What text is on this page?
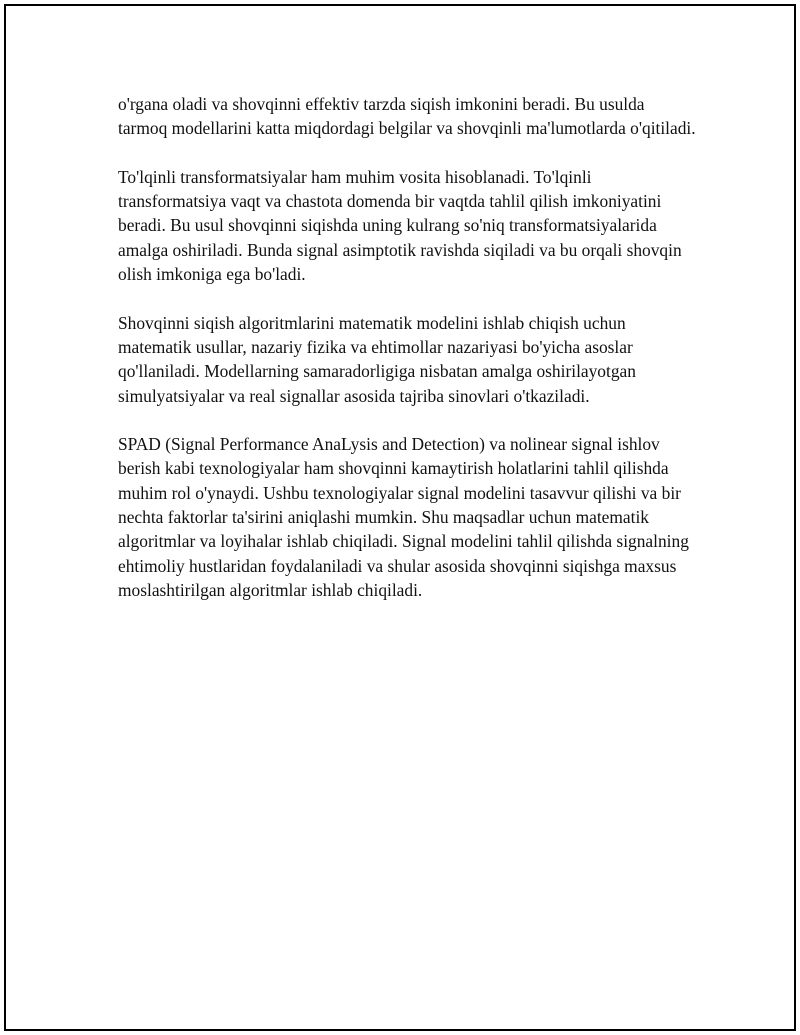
o'rgana oladi va shovqinni effektiv tarzda siqish imkonini beradi. Bu usulda tarmoq modellarini katta miqdordagi belgilar va shovqinli ma'lumotlarda o'qitiladi.

To'lqinli transformatsiyalar ham muhim vosita hisoblanadi. To'lqinli transformatsiya vaqt va chastota domenda bir vaqtda tahlil qilish imkoniyatini beradi. Bu usul shovqinni siqishda uning kulrang so'niq transformatsiyalarida amalga oshiriladi. Bunda signal asimptotik ravishda siqiladi va bu orqali shovqin olish imkoniga ega bo'ladi.

Shovqinni siqish algoritmlarini matematik modelini ishlab chiqish uchun matematik usullar, nazariy fizika va ehtimollar nazariyasi bo'yicha asoslar qo'llaniladi. Modellarning samaradorligiga nisbatan amalga oshirilayotgan simulyatsiyalar va real signallar asosida tajriba sinovlari o'tkaziladi.

SPAD (Signal Performance AnaLysis and Detection) va nolinear signal ishlov berish kabi texnologiyalar ham shovqinni kamaytirish holatlarini tahlil qilishda muhim rol o'ynaydi. Ushbu texnologiyalar signal modelini tasavvur qilishi va bir nechta faktorlar ta'sirini aniqlashi mumkin. Shu maqsadlar uchun matematik algoritmlar va loyihalar ishlab chiqiladi. Signal modelini tahlil qilishda signalning ehtimoliy hustlaridan foydalaniladi va shular asosida shovqinni siqishga maxsus moslashtirilgan algoritmlar ishlab chiqiladi.
